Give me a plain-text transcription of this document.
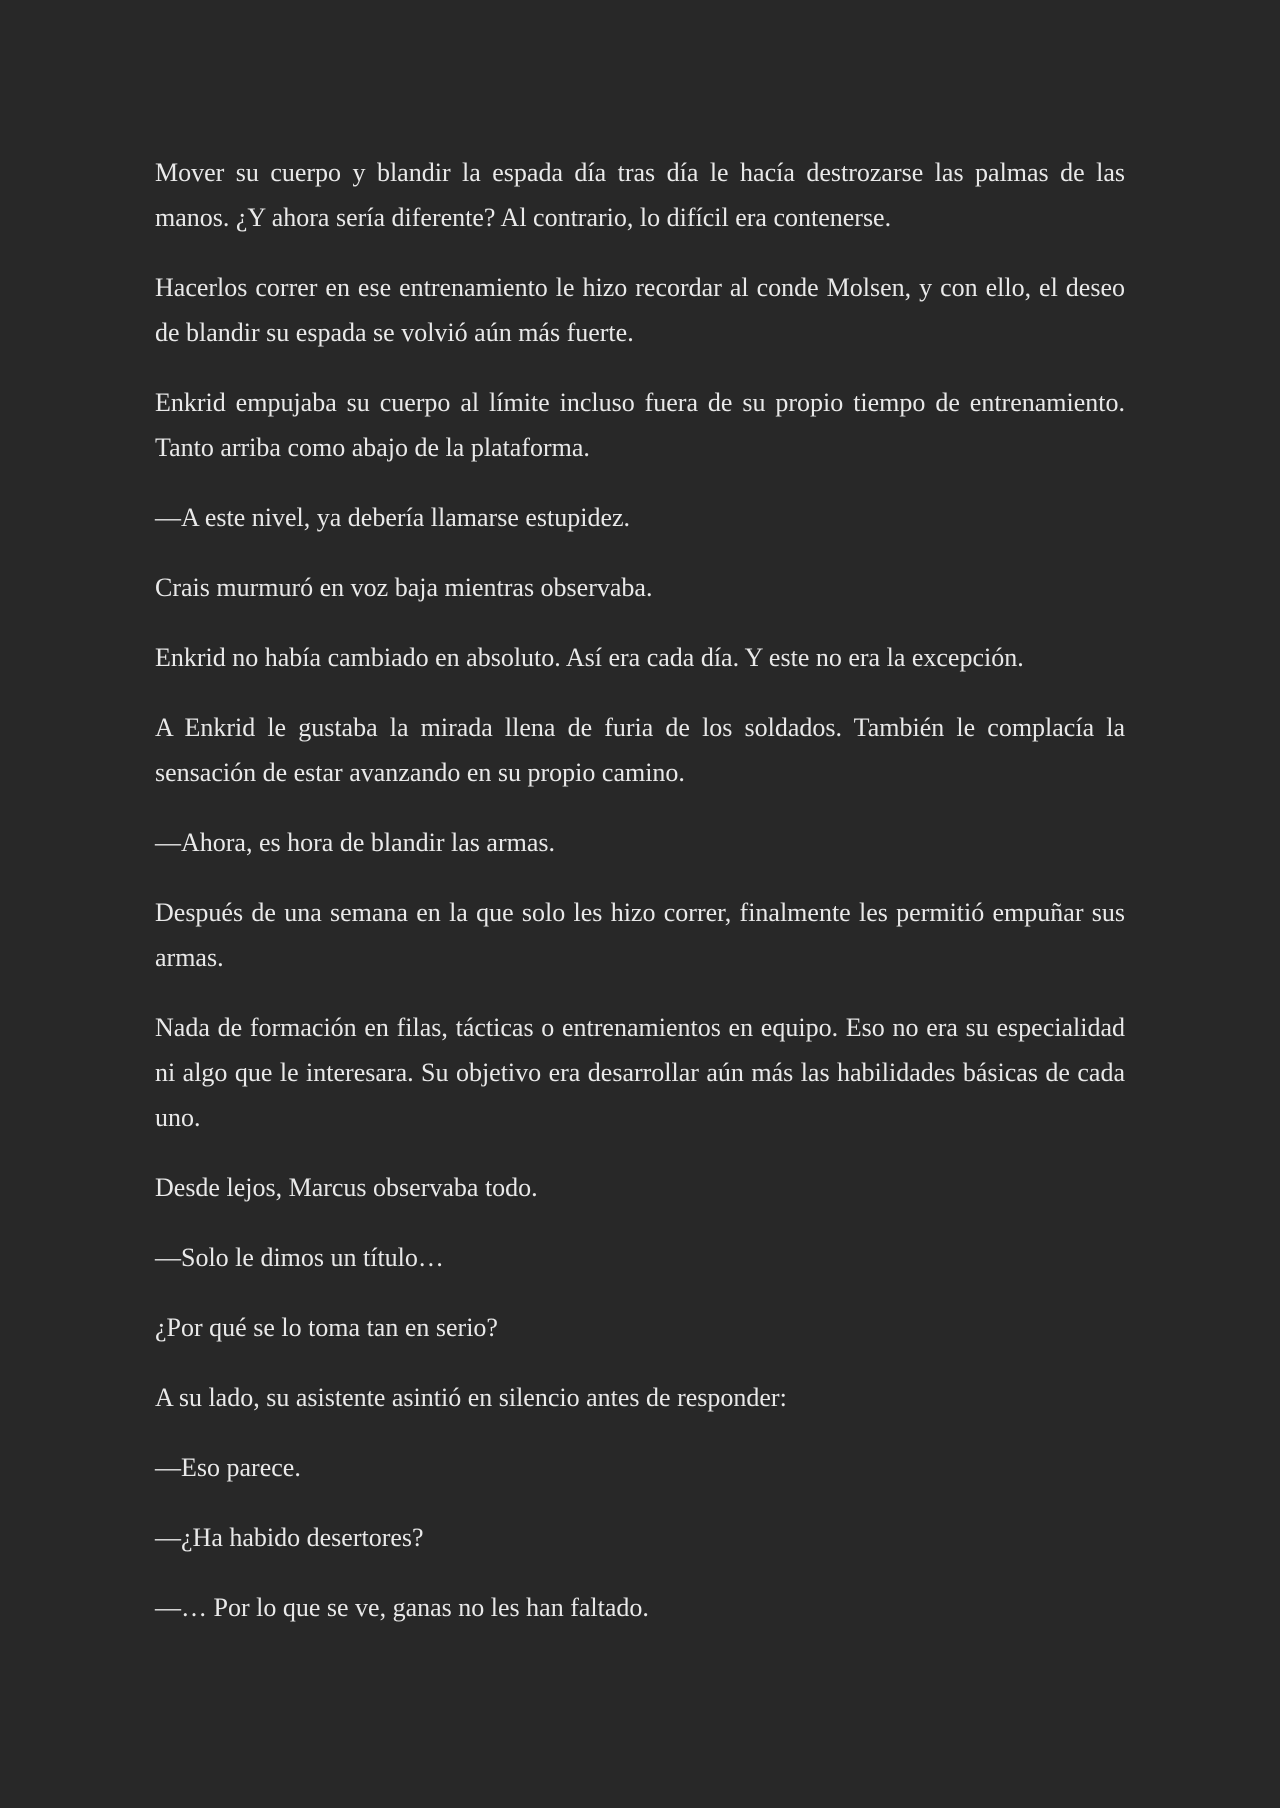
Mover su cuerpo y blandir la espada día tras día le hacía destrozarse las palmas de las manos. ¿Y ahora sería diferente? Al contrario, lo difícil era contenerse.

Hacerlos correr en ese entrenamiento le hizo recordar al conde Molsen, y con ello, el deseo de blandir su espada se volvió aún más fuerte.

Enkrid empujaba su cuerpo al límite incluso fuera de su propio tiempo de entrenamiento. Tanto arriba como abajo de la plataforma.

—A este nivel, ya debería llamarse estupidez.

Crais murmuró en voz baja mientras observaba.

Enkrid no había cambiado en absoluto. Así era cada día. Y este no era la excepción.

A Enkrid le gustaba la mirada llena de furia de los soldados. También le complacía la sensación de estar avanzando en su propio camino.

—Ahora, es hora de blandir las armas.

Después de una semana en la que solo les hizo correr, finalmente les permitió empuñar sus armas.

Nada de formación en filas, tácticas o entrenamientos en equipo. Eso no era su especialidad ni algo que le interesara. Su objetivo era desarrollar aún más las habilidades básicas de cada uno.

Desde lejos, Marcus observaba todo.

—Solo le dimos un título…

¿Por qué se lo toma tan en serio?

A su lado, su asistente asintió en silencio antes de responder:

—Eso parece.

—¿Ha habido desertores?

—… Por lo que se ve, ganas no les han faltado.
